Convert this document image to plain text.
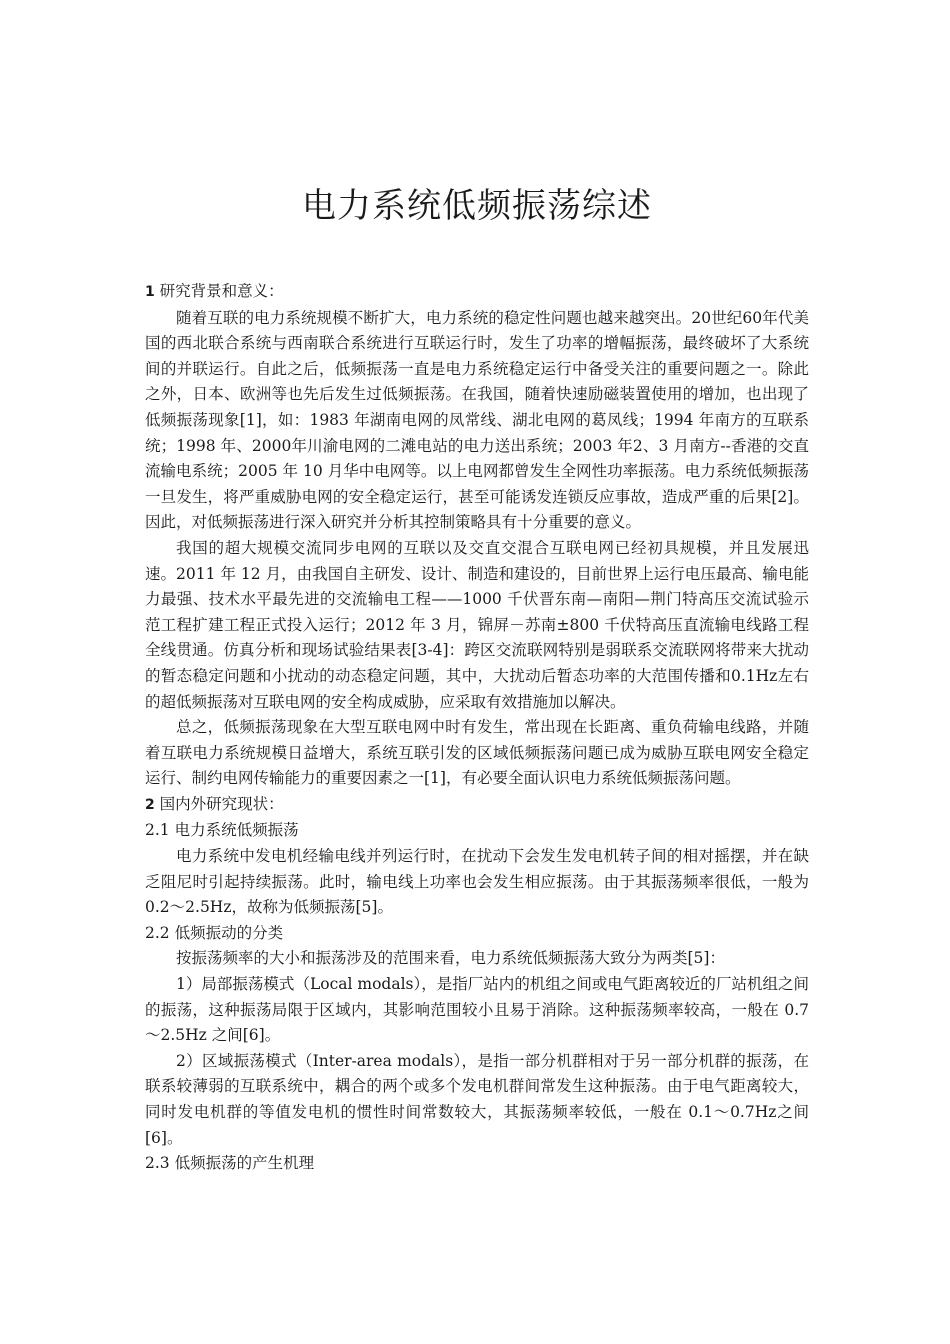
电力系统低频振荡综述

1 研究背景和意义：

随着互联的电力系统规模不断扩大，电力系统的稳定性问题也越来越突出。20世纪60年代美国的西北联合系统与西南联合系统进行互联运行时，发生了功率的增幅振荡，最终破坏了大系统间的并联运行。自此之后，低频振荡一直是电力系统稳定运行中备受关注的重要问题之一。除此之外，日本、欧洲等也先后发生过低频振荡。在我国，随着快速励磁装置使用的增加，也出现了低频振荡现象[1]，如：1983 年湖南电网的凤常线、湖北电网的葛凤线；1994 年南方的互联系统；1998 年、2000年川渝电网的二滩电站的电力送出系统；2003 年2、3 月南方--香港的交直流输电系统；2005 年 10 月华中电网等。以上电网都曾发生全网性功率振荡。电力系统低频振荡一旦发生，将严重威胁电网的安全稳定运行，甚至可能诱发连锁反应事故，造成严重的后果[2]。因此，对低频振荡进行深入研究并分析其控制策略具有十分重要的意义。

我国的超大规模交流同步电网的互联以及交直交混合互联电网已经初具规模，并且发展迅速。2011 年 12 月，由我国自主研发、设计、制造和建设的，目前世界上运行电压最高、输电能力最强、技术水平最先进的交流输电工程——1000 千伏晋东南—南阳—荆门特高压交流试验示范工程扩建工程正式投入运行；2012 年 3 月，锦屏－苏南±800 千伏特高压直流输电线路工程全线贯通。仿真分析和现场试验结果表[3-4]：跨区交流联网特别是弱联系交流联网将带来大扰动的暂态稳定问题和小扰动的动态稳定问题，其中，大扰动后暂态功率的大范围传播和0.1Hz左右的超低频振荡对互联电网的安全构成威胁，应采取有效措施加以解决。

总之，低频振荡现象在大型互联电网中时有发生，常出现在长距离、重负荷输电线路，并随着互联电力系统规模日益增大，系统互联引发的区域低频振荡问题已成为威胁互联电网安全稳定运行、制约电网传输能力的重要因素之一[1]，有必要全面认识电力系统低频振荡问题。

2 国内外研究现状：

2.1 电力系统低频振荡

电力系统中发电机经输电线并列运行时，在扰动下会发生发电机转子间的相对摇摆，并在缺乏阻尼时引起持续振荡。此时，输电线上功率也会发生相应振荡。由于其振荡频率很低，一般为 0.2～2.5Hz，故称为低频振荡[5]。

2.2 低频振动的分类

按振荡频率的大小和振荡涉及的范围来看，电力系统低频振荡大致分为两类[5]：

1）局部振荡模式（Local modals），是指厂站内的机组之间或电气距离较近的厂站机组之间的振荡，这种振荡局限于区域内，其影响范围较小且易于消除。这种振荡频率较高，一般在 0.7～2.5Hz 之间[6]。

2）区域振荡模式（Inter-area modals），是指一部分机群相对于另一部分机群的振荡，在联系较薄弱的互联系统中，耦合的两个或多个发电机群间常发生这种振荡。由于电气距离较大，同时发电机群的等值发电机的惯性时间常数较大，其振荡频率较低，一般在 0.1～0.7Hz之间[6]。

2.3 低频振荡的产生机理
